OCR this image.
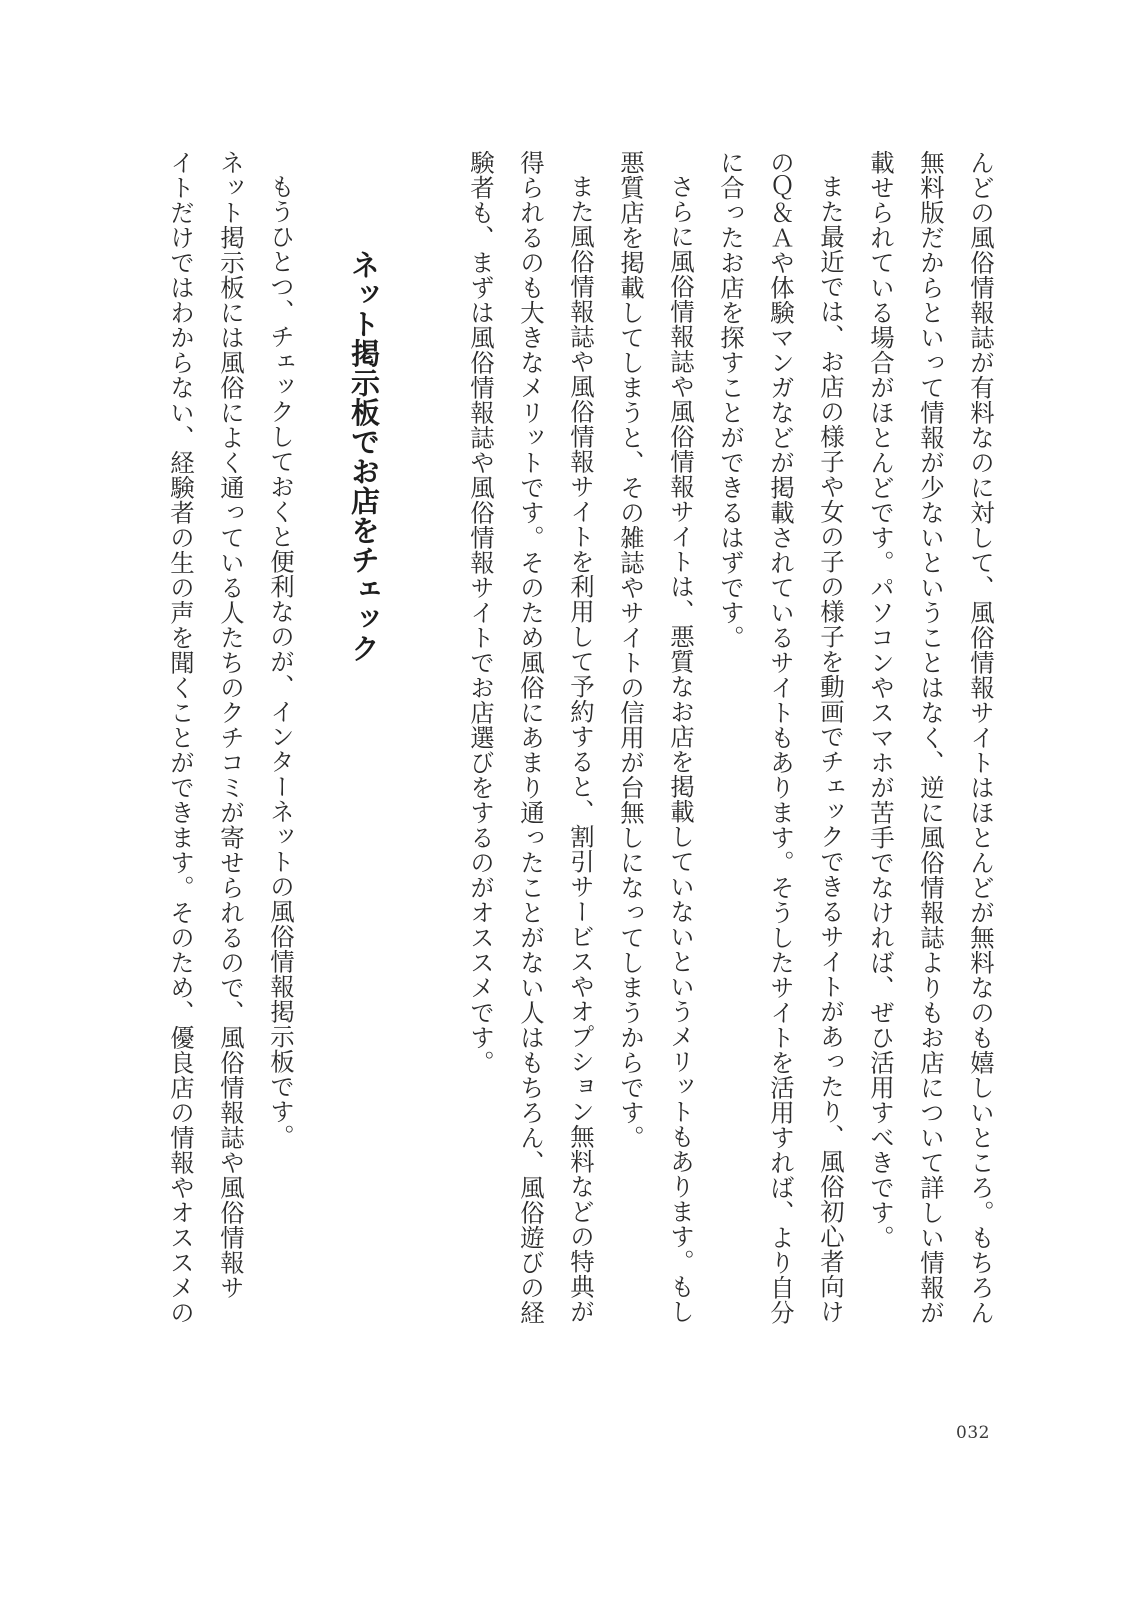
んどの風俗情報誌が有料なのに対して、風俗情報サイトはほとんどが無料なのも嬉しいところ。もちろん
無料版だからといって情報が少ないということはなく、逆に風俗情報誌よりもお店について詳しい情報が
載せられている場合がほとんどです。パソコンやスマホが苦手でなければ、ぜひ活用すべきです。
また最近では、お店の様子や女の子の様子を動画でチェックできるサイトがあったり、風俗初心者向け
のＱ＆Ａや体験マンガなどが掲載されているサイトもあります。そうしたサイトを活用すれば、より自分
に合ったお店を探すことができるはずです。
さらに風俗情報誌や風俗情報サイトは、悪質なお店を掲載していないというメリットもあります。もし
悪質店を掲載してしまうと、その雑誌やサイトの信用が台無しになってしまうからです。
また風俗情報誌や風俗情報サイトを利用して予約すると、割引サービスやオプション無料などの特典が
得られるのも大きなメリットです。そのため風俗にあまり通ったことがない人はもちろん、風俗遊びの経
験者も、まずは風俗情報誌や風俗情報サイトでお店選びをするのがオススメです。
ネット掲示板でお店をチェック
もうひとつ、チェックしておくと便利なのが、インターネットの風俗情報掲示板です。
ネット掲示板には風俗によく通っている人たちのクチコミが寄せられるので、風俗情報誌や風俗情報サ
イトだけではわからない、経験者の生の声を聞くことができます。そのため、優良店の情報やオススメの
032
